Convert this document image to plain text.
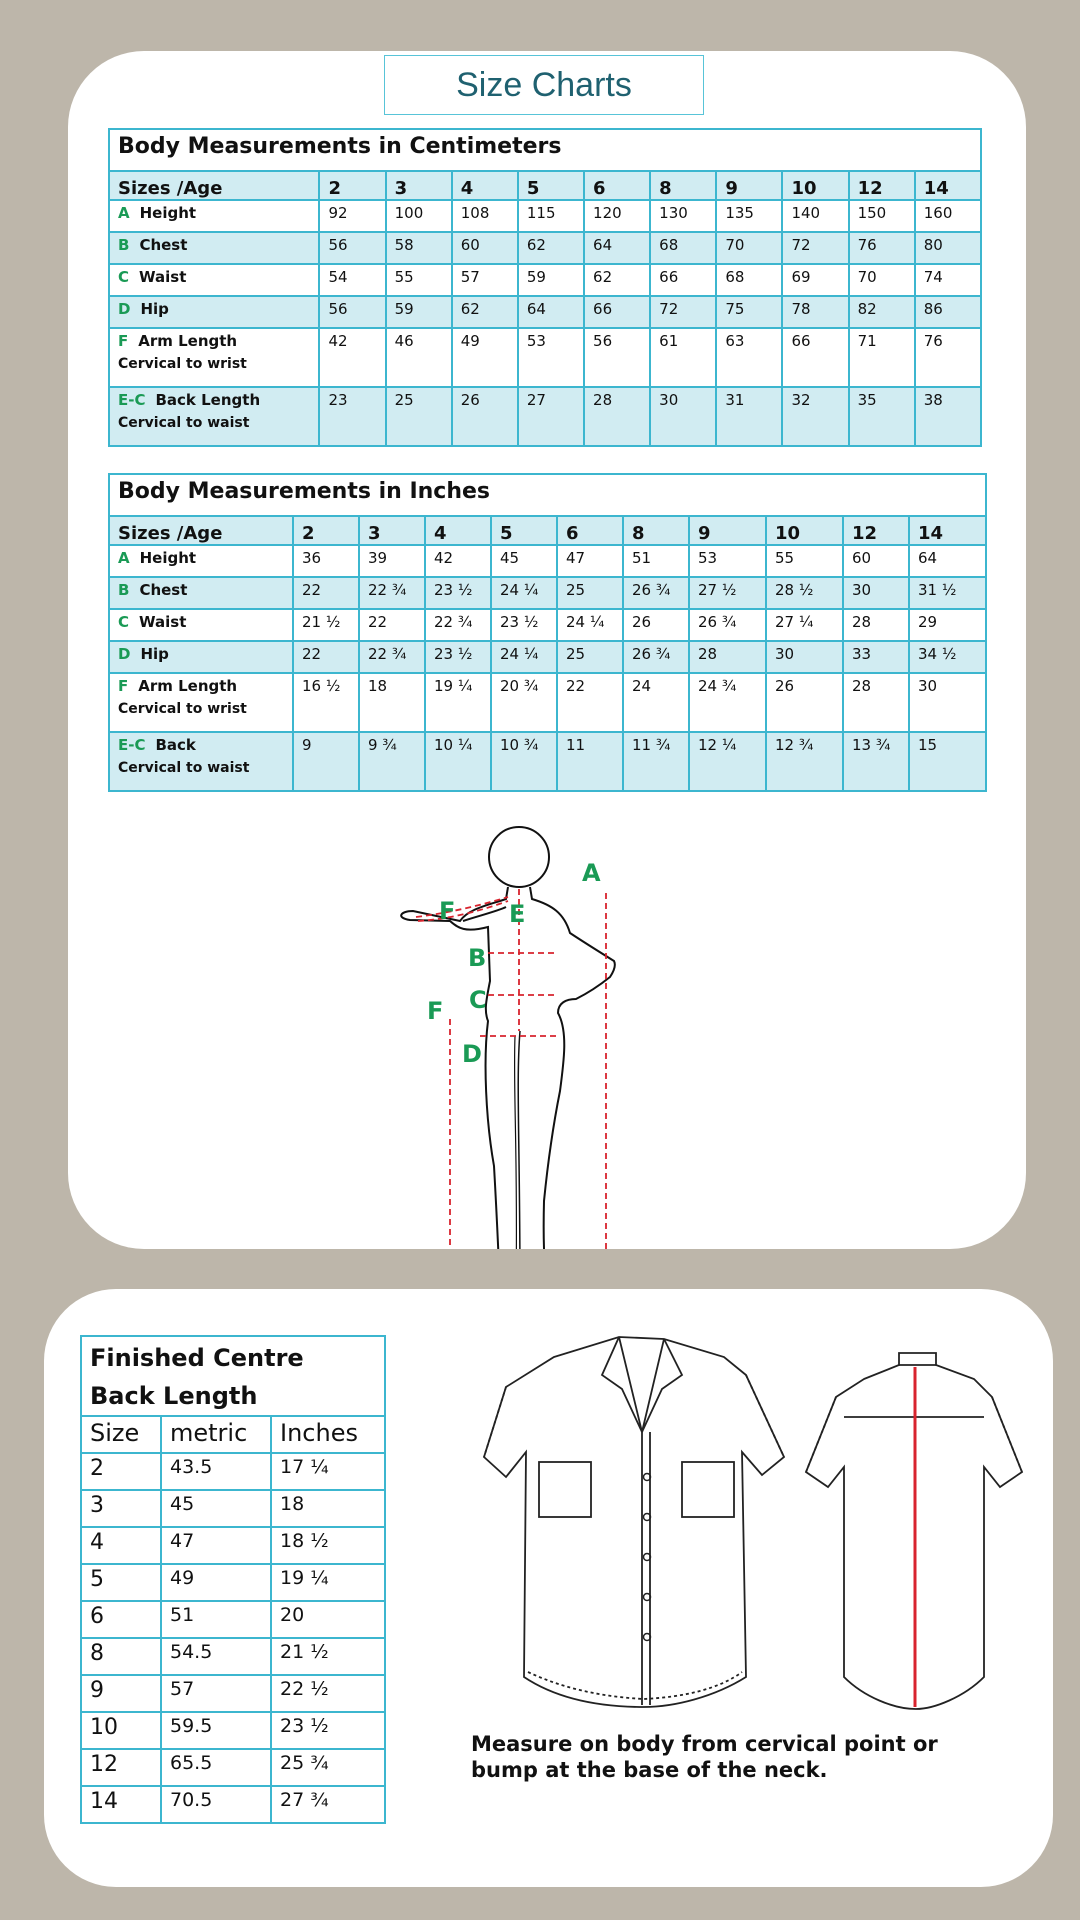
Size Charts
Body Measurements in Centimeters										
Sizes /Age	2	3	4	5	6	8	9	10	12	14
A Height	92	100	108	115	120	130	135	140	150	160
B Chest	56	58	60	62	64	68	70	72	76	80
C Waist	54	55	57	59	62	66	68	69	70	74
D Hip	56	59	62	64	66	72	75	78	82	86
F Arm Length
Cervical to wrist	42	46	49	53	56	61	63	66	71	76
E-C Back Length
Cervical to waist	23	25	26	27	28	30	31	32	35	38
Body Measurements in Inches										
Sizes /Age	2	3	4	5	6	8	9	10	12	14
A Height	36	39	42	45	47	51	53	55	60	64
B Chest	22	22 ¾	23 ½	24 ¼	25	26 ¾	27 ½	28 ½	30	31 ½
C Waist	21 ½	22	22 ¾	23 ½	24 ¼	26	26 ¾	27 ¼	28	29
D Hip	22	22 ¾	23 ½	24 ¼	25	26 ¾	28	30	33	34 ½
F Arm Length
Cervical to wrist	16 ½	18	19 ¼	20 ¾	22	24	24 ¾	26	28	30
E-C Back
Cervical to waist	9	9 ¾	10 ¼	10 ¾	11	11 ¾	12 ¼	12 ¾	13 ¾	15
A
F E
B
C
F
D
Finished Centre Back Length		
Size	metric	Inches
2	43.5	17 ¼
3	45	18
4	47	18 ½
5	49	19 ¼
6	51	20
8	54.5	21 ½
9	57	22 ½
10	59.5	23 ½
12	65.5	25 ¾
14	70.5	27 ¾
Measure on body from cervical point or bump at the base of the neck.
